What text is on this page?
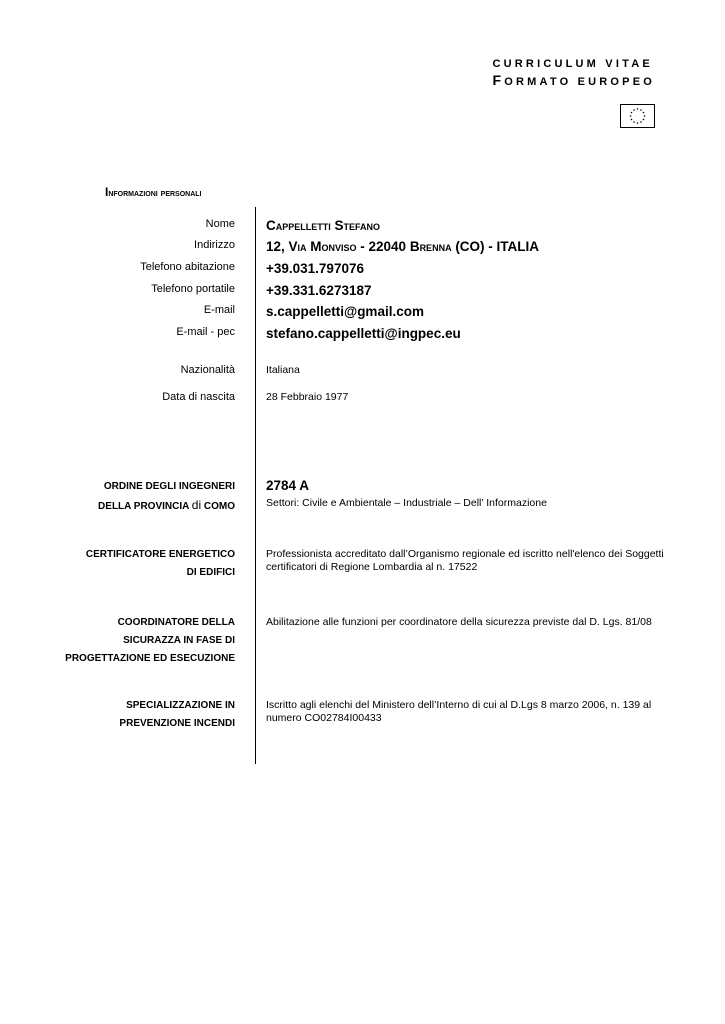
CURRICULUM VITAE
FORMATO EUROPEO
Informazioni personali
Nome Cappelletti Stefano
Indirizzo 12, Via Monviso - 22040 Brenna (CO) - ITALIA
Telefono abitazione +39.031.797076
Telefono portatile +39.331.6273187
E-mail s.cappelletti@gmail.com
E-mail - pec stefano.cappelletti@ingpec.eu
Nazionalità	Italiana
Data di nascita	28 Febbraio 1977
ORDINE DEGLI INGEGNERI
DELLA PROVINCIA di COMO
2784 A
Settori: Civile e Ambientale – Industriale – Dell’ Informazione
CERTIFICATORE ENERGETICO
DI EDIFICI
Professionista accreditato dall’Organismo regionale ed iscritto nell'elenco dei Soggetti certificatori di Regione Lombardia al n. 17522
COORDINATORE DELLA
SICURAZZA IN FASE DI
PROGETTAZIONE ED ESECUZIONE
Abilitazione alle funzioni per coordinatore della sicurezza previste dal D. Lgs. 81/08
SPECIALIZZAZIONE IN
PREVENZIONE INCENDI
Iscritto agli elenchi del Ministero dell’Interno di cui al D.Lgs 8 marzo 2006, n. 139 al numero CO02784I00433
